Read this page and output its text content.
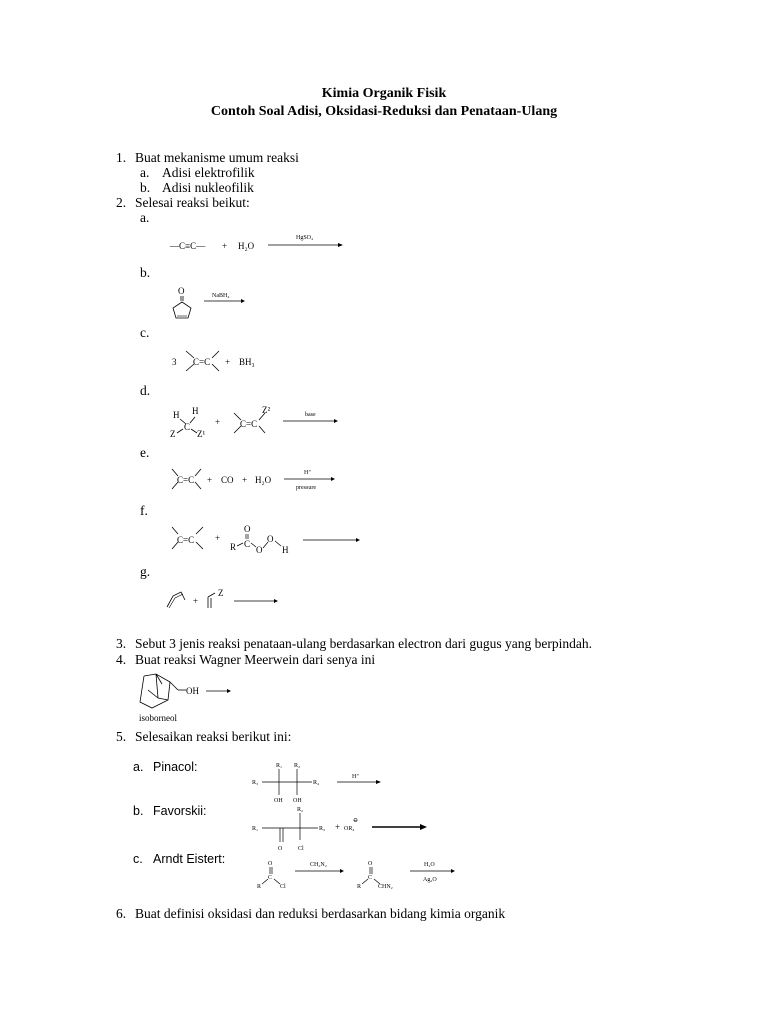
Kimia Organik Fisik
Contoh Soal Adisi, Oksidasi-Reduksi dan Penataan-Ulang
1. Buat mekanisme umum reaksi
a. Adisi elektrofilik
b. Adisi nukleofilik
2. Selesai reaksi beikut:
a.
—C≡C— + H₂O
HgSO₄
b.
O	NaBH₄
c.
3 C=C + BH₃
d.
H H
C
Z Z¹
+ C=C
Z²	base
e.
C=C + CO + H₂O
H⁺
pressure
f.
C=C +
O
R C
O
O
H
g.
+
Z
3. Sebut 3 jenis reaksi penataan-ulang berdasarkan electron dari gugus yang berpindah.
4. Buat reaksi Wagner Meerwein dari senya ini
OH
isoborneol
5. Selesaikan reaksi berikut ini:
a. Pinacol:	R₁ R₂
R₃	R₄
OH OH
H⁺
b. Favorskii:	R₂
R₁	R₃
O	Cl
+ OR₄
⊖
c. Arndt Eistert:	O
C
R	Cl
CH₂N₂	O
C
R	CHN₂
H₂O
Ag₂O
6. Buat definisi oksidasi dan reduksi berdasarkan bidang kimia organik
